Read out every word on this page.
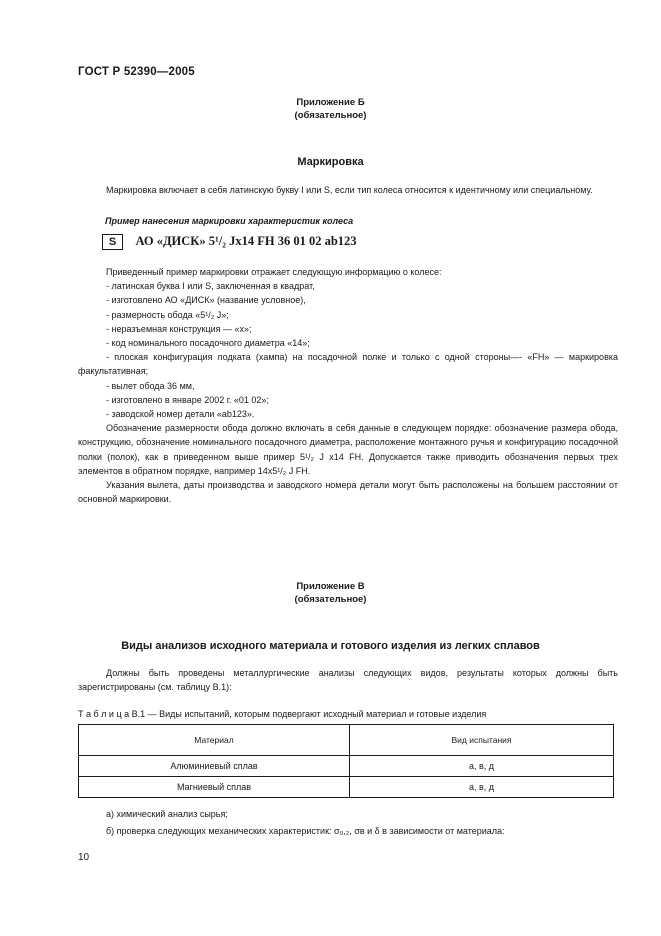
ГОСТ Р 52390—2005
Приложение Б
(обязательное)
Маркировка

Маркировка включает в себя латинскую букву I или S, если тип колеса относится к идентичному или специальному.

Пример нанесения маркировки характеристик колеса
S АО «ДИСК» 5¹/₂ Jx14 FH 36 01 02 ab123

Приведенный пример маркировки отражает следующую информацию о колесе:

- латинская буква I или S, заключенная в квадрат,

- изготовлено АО «ДИСК» (название условное),

- размерность обода «5¹/₂ J»;

- неразъемная конструкция — «x»;

- код номинального посадочного диаметра «14»;

- плоская конфигурация подката (хампа) на посадочной полке и только с одной стороны—- «FH» — маркировка факультативная;

- вылет обода 36 мм,

- изготовлено в январе 2002 г. «01 02»;

- заводской номер детали «ab123».

Обозначение размерности обода должно включать в себя данные в следующем порядке: обозначение размера обода, конструкцию, обозначение номинального посадочного диаметра, расположение монтажного ручья и конфигурацию посадочной полки (полок), как в приведенном выше пример 5¹/₂ J x14 FH. Допускается также приводить обозначения первых трех элементов в обратном порядке, например 14x5¹/₂ J FH.

Указания вылета, даты производства и заводского номера детали могут быть расположены на большем расстоянии от основной маркировки.

Приложение В
(обязательное)
Виды анализов исходного материала и готового изделия из легких сплавов

Должны быть проведены металлургические анализы следующих видов, результаты которых должны быть зарегистрированы (см. таблицу В.1):

Т а б л и ц а В.1 — Виды испытаний, которым подвергают исходный материал и готовые изделия
Материал	Вид испытания
Алюминиевый сплав	а, в, д
Магниевый сплав	а, в, д
а) химический анализ сырья;
б) проверка следующих механических характеристик: σ₀,₂, σв и δ в зависимости от материала:
10
